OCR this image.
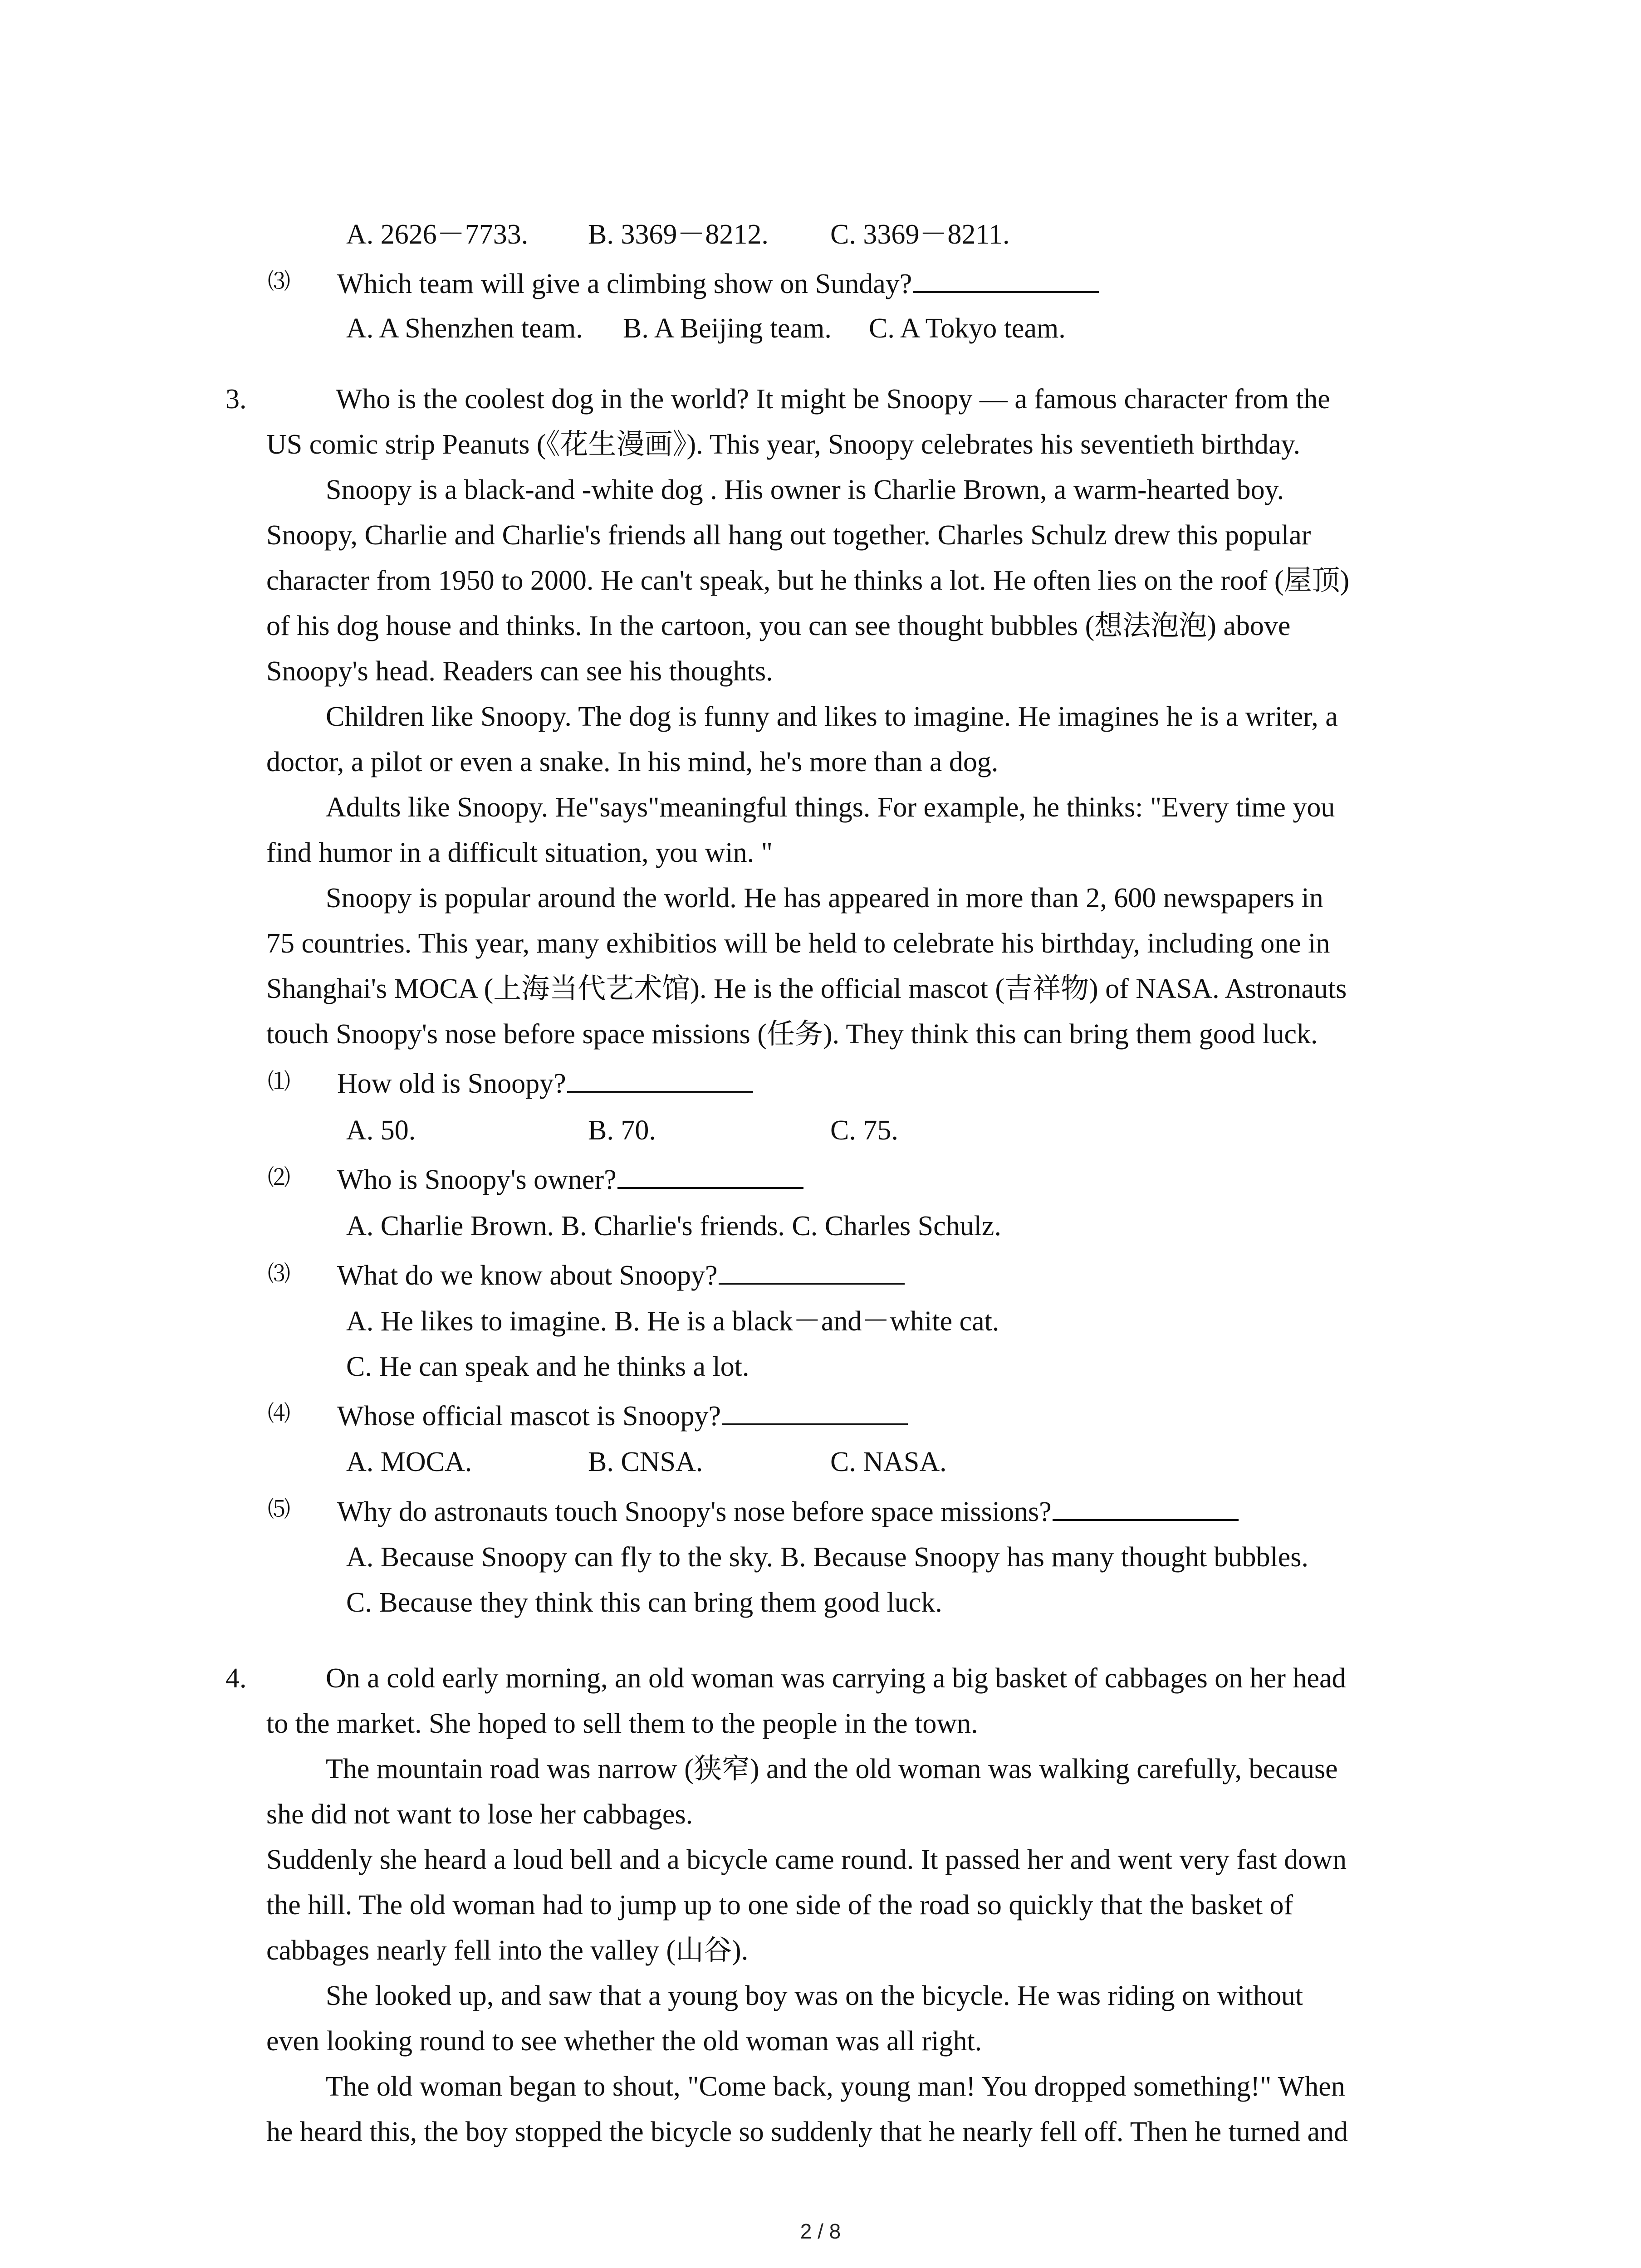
A. 2626－7733. B. 3369－8212. C. 3369－8211.
⑶ Which team will give a climbing show on Sunday?
A. A Shenzhen team. B. A Beijing team. C. A Tokyo team.
3.	Who is the coolest dog in the world? It might be Snoopy — a famous character from the
US comic strip Peanuts (《花生漫画》). This year, Snoopy celebrates his seventieth birthday.
Snoopy is a black-and -white dog . His owner is Charlie Brown, a warm-hearted boy.
Snoopy, Charlie and Charlie's friends all hang out together. Charles Schulz drew this popular
character from 1950 to 2000. He can't speak, but he thinks a lot. He often lies on the roof (屋顶)
of his dog house and thinks. In the cartoon, you can see thought bubbles (想法泡泡) above
Snoopy's head. Readers can see his thoughts.
Children like Snoopy. The dog is funny and likes to imagine. He imagines he is a writer, a
doctor, a pilot or even a snake. In his mind, he's more than a dog.
Adults like Snoopy. He"says"meaningful things. For example, he thinks: "Every time you
find humor in a difficult situation, you win. "
Snoopy is popular around the world. He has appeared in more than 2, 600 newspapers in
75 countries. This year, many exhibitios will be held to celebrate his birthday, including one in
Shanghai's MOCA (上海当代艺术馆). He is the official mascot (吉祥物) of NASA. Astronauts
touch Snoopy's nose before space missions (任务). They think this can bring them good luck.
⑴ How old is Snoopy?
A. 50.	B. 70.	C. 75.
⑵ Who is Snoopy's owner?
A. Charlie Brown. B. Charlie's friends. C. Charles Schulz.
⑶ What do we know about Snoopy?
A. He likes to imagine. B. He is a black－and－white cat.
C. He can speak and he thinks a lot.
⑷ Whose official mascot is Snoopy?
A. MOCA.	B. CNSA.	C. NASA.
⑸ Why do astronauts touch Snoopy's nose before space missions?
A. Because Snoopy can fly to the sky. B. Because Snoopy has many thought bubbles.
C. Because they think this can bring them good luck.
4.	On a cold early morning, an old woman was carrying a big basket of cabbages on her head
to the market. She hoped to sell them to the people in the town.
The mountain road was narrow (狭窄) and the old woman was walking carefully, because
she did not want to lose her cabbages.
Suddenly she heard a loud bell and a bicycle came round. It passed her and went very fast down
the hill. The old woman had to jump up to one side of the road so quickly that the basket of
cabbages nearly fell into the valley (山谷).
She looked up, and saw that a young boy was on the bicycle. He was riding on without
even looking round to see whether the old woman was all right.
The old woman began to shout, "Come back, young man! You dropped something!" When
he heard this, the boy stopped the bicycle so suddenly that he nearly fell off. Then he turned and
2 / 8
